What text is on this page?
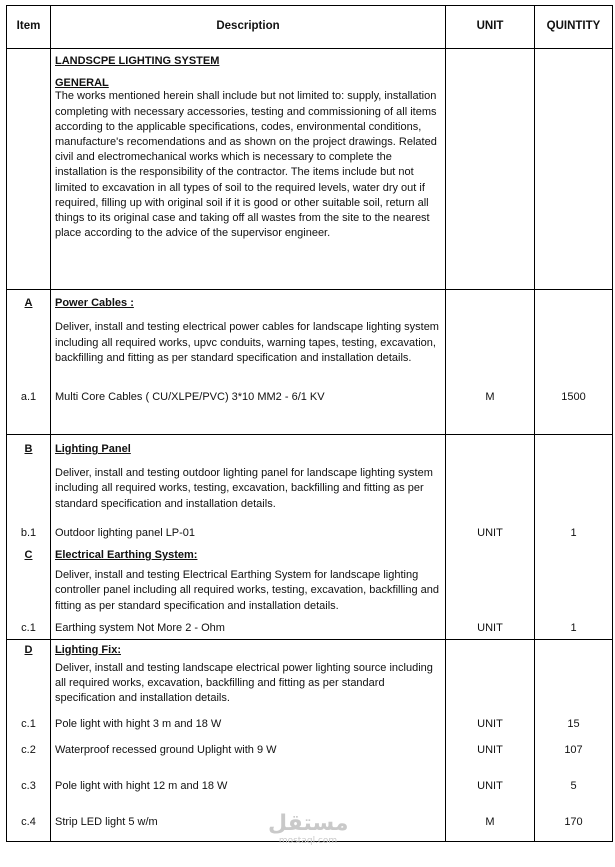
Item	Description	UNIT	QUINTITY

	LANDSCPE LIGHTING SYSTEM
GENERAL
The works mentioned herein shall include but not limited to: supply, installation completing with necessary accessories, testing and commissioning of all items according to the applicable specifications, codes, environmental conditions, manufacture's recomendations and as shown on the project drawings. Related civil and electromechanical works which is necessary to complete the installation is the responsibility of the contractor. The items include but not limited to excavation in all types of soil to the required levels, water dry out if required, filling up with original soil if it is good or other suitable soil, return all things to its original case and taking off all wastes from the site to the nearest place according to the advice of the supervisor engineer.		

A	Power Cables :		

	Deliver, install and testing electrical power cables for landscape lighting system including all required works, upvc conduits, warning tapes, testing, excavation, backfilling and fitting as per standard specification and installation details.		

a.1	Multi Core Cables ( CU/XLPE/PVC) 3*10 MM2 - 6/1 KV	M	1500
B	Lighting Panel		

	Deliver, install and testing outdoor lighting panel for landscape lighting system including all required works, testing, excavation, backfilling and fitting as per standard specification and installation details.		

b.1	Outdoor lighting panel LP-01	UNIT	1
C	Electrical Earthing System:		

	Deliver, install and testing Electrical Earthing System for landscape lighting controller panel including all required works, testing, excavation, backfilling and fitting as per standard specification and installation details.		

c.1	Earthing system Not More 2 - Ohm	UNIT	1
D	Lighting Fix:		

	Deliver, install and testing landscape electrical power lighting source including all required works, excavation, backfilling and fitting as per standard specification and installation details.		

c.1	Pole light with hight 3 m and 18 W	UNIT	15
c.2	Waterproof recessed ground Uplight with 9 W	UNIT	107
c.3	Pole light with hight 12 m and 18 W	UNIT	5
c.4	Strip LED light 5 w/m	M	170
مستقل
mostaql.com
